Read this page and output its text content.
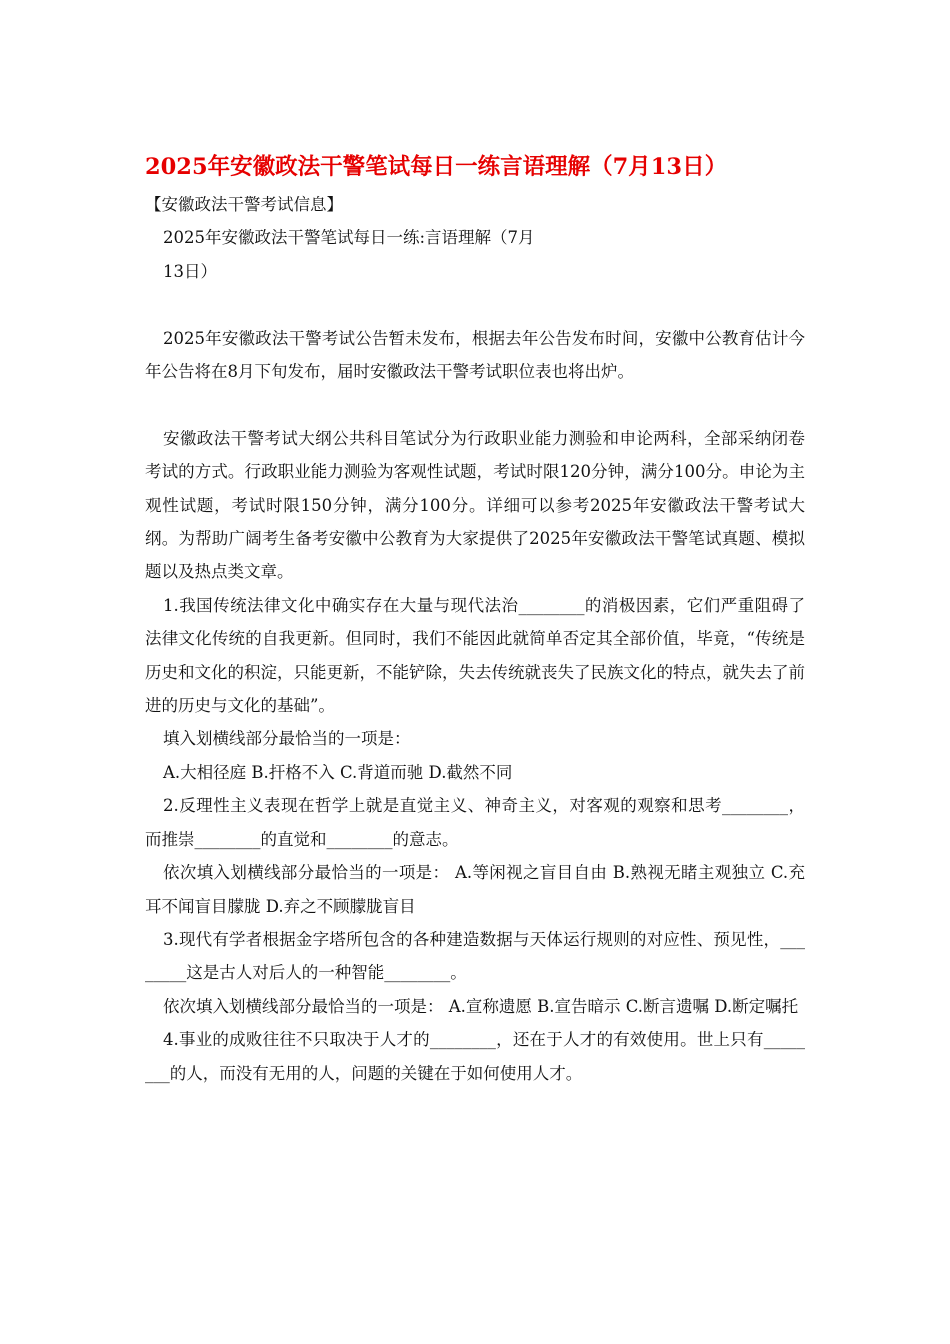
2025年安徽政法干警笔试每日一练言语理解（7月13日）
【安徽政法干警考试信息】
2025年安徽政法干警笔试每日一练:言语理解（7月
13日）
2025年安徽政法干警考试公告暂未发布，根据去年公告发布时间，安徽中公教育估计今年公告将在8月下旬发布，届时安徽政法干警考试职位表也将出炉。
安徽政法干警考试大纲公共科目笔试分为行政职业能力测验和申论两科，全部采纳闭卷考试的方式。行政职业能力测验为客观性试题，考试时限120分钟，满分100分。申论为主观性试题，考试时限150分钟，满分100分。详细可以参考2025年安徽政法干警考试大纲。为帮助广阔考生备考安徽中公教育为大家提供了2025年安徽政法干警笔试真题、模拟题以及热点类文章。
1.我国传统法律文化中确实存在大量与现代法治________的消极因素，它们严重阻碍了法律文化传统的自我更新。但同时，我们不能因此就简单否定其全部价值，毕竟，“传统是历史和文化的积淀，只能更新，不能铲除，失去传统就丧失了民族文化的特点，就失去了前进的历史与文化的基础”。
填入划横线部分最恰当的一项是：
A.大相径庭 B.扞格不入 C.背道而驰 D.截然不同
2.反理性主义表现在哲学上就是直觉主义、神奇主义，对客观的观察和思考________，而推崇________的直觉和________的意志。
依次填入划横线部分最恰当的一项是： A.等闲视之盲目自由 B.熟视无睹主观独立 C.充耳不闻盲目朦胧 D.弃之不顾朦胧盲目
3.现代有学者根据金字塔所包含的各种建造数据与天体运行规则的对应性、预见性，________这是古人对后人的一种智能________。
依次填入划横线部分最恰当的一项是： A.宣称遗愿 B.宣告暗示 C.断言遗嘱 D.断定嘱托
4.事业的成败往往不只取决于人才的________，还在于人才的有效使用。世上只有________的人，而没有无用的人，问题的关键在于如何使用人才。
